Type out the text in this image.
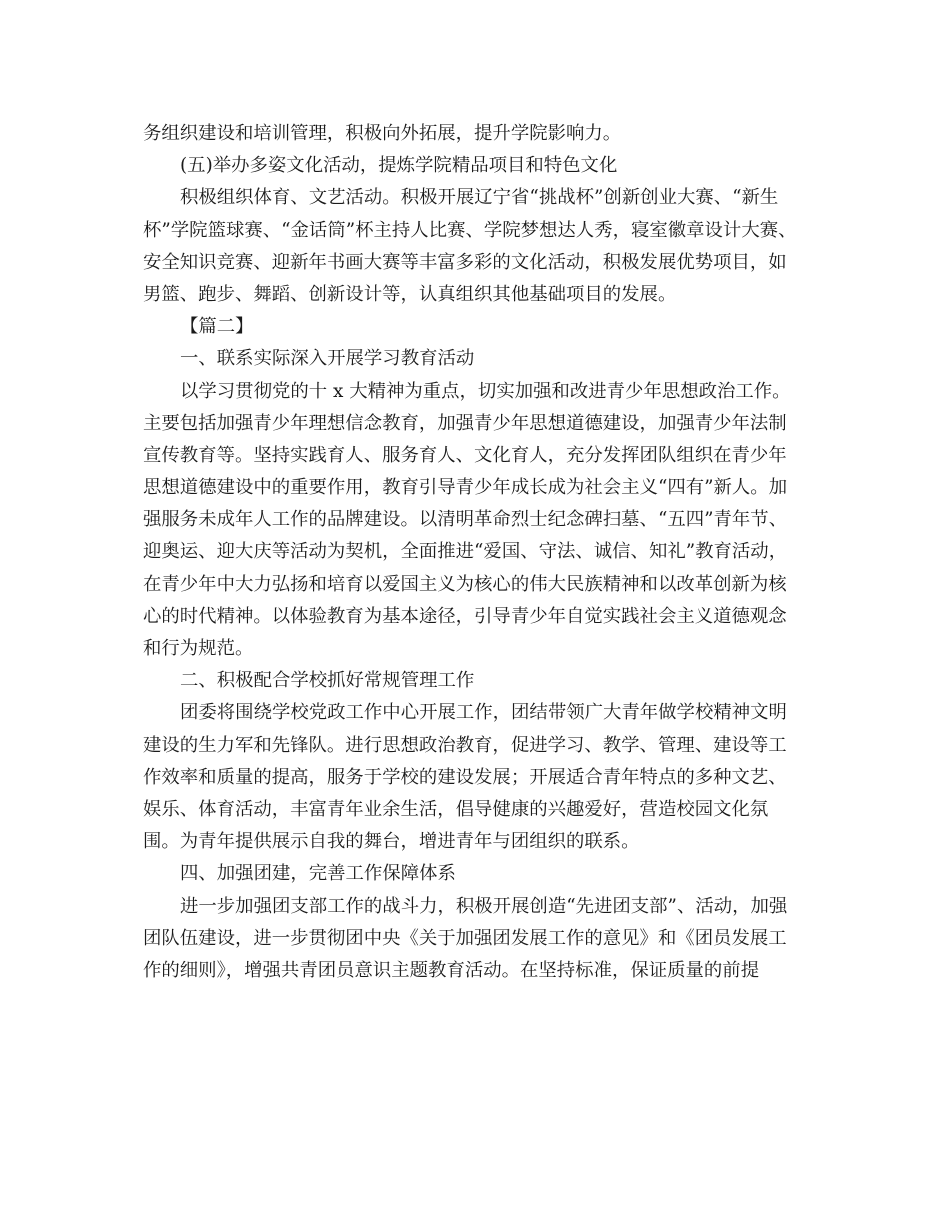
务组织建设和培训管理，积极向外拓展，提升学院影响力。
(五)举办多姿文化活动，提炼学院精品项目和特色文化
积极组织体育、文艺活动。积极开展辽宁省“挑战杯”创新创业大赛、“新生
杯”学院篮球赛、“金话筒”杯主持人比赛、学院梦想达人秀，寝室徽章设计大赛、
安全知识竞赛、迎新年书画大赛等丰富多彩的文化活动，积极发展优势项目，如
男篮、跑步、舞蹈、创新设计等，认真组织其他基础项目的发展。
【篇二】
一、联系实际深入开展学习教育活动
以学习贯彻党的十 x 大精神为重点，切实加强和改进青少年思想政治工作。
主要包括加强青少年理想信念教育，加强青少年思想道德建设，加强青少年法制
宣传教育等。坚持实践育人、服务育人、文化育人，充分发挥团队组织在青少年
思想道德建设中的重要作用，教育引导青少年成长成为社会主义“四有”新人。加
强服务未成年人工作的品牌建设。以清明革命烈士纪念碑扫墓、“五四”青年节、
迎奥运、迎大庆等活动为契机，全面推进“爱国、守法、诚信、知礼”教育活动，
在青少年中大力弘扬和培育以爱国主义为核心的伟大民族精神和以改革创新为核
心的时代精神。以体验教育为基本途径，引导青少年自觉实践社会主义道德观念
和行为规范。
二、积极配合学校抓好常规管理工作
团委将围绕学校党政工作中心开展工作，团结带领广大青年做学校精神文明
建设的生力军和先锋队。进行思想政治教育，促进学习、教学、管理、建设等工
作效率和质量的提高，服务于学校的建设发展；开展适合青年特点的多种文艺、
娱乐、体育活动，丰富青年业余生活，倡导健康的兴趣爱好，营造校园文化氛
围。为青年提供展示自我的舞台，增进青年与团组织的联系。
四、加强团建，完善工作保障体系
进一步加强团支部工作的战斗力，积极开展创造“先进团支部”、活动，加强
团队伍建设，进一步贯彻团中央《关于加强团发展工作的意见》和《团员发展工
作的细则》，增强共青团员意识主题教育活动。在坚持标准，保证质量的前提
